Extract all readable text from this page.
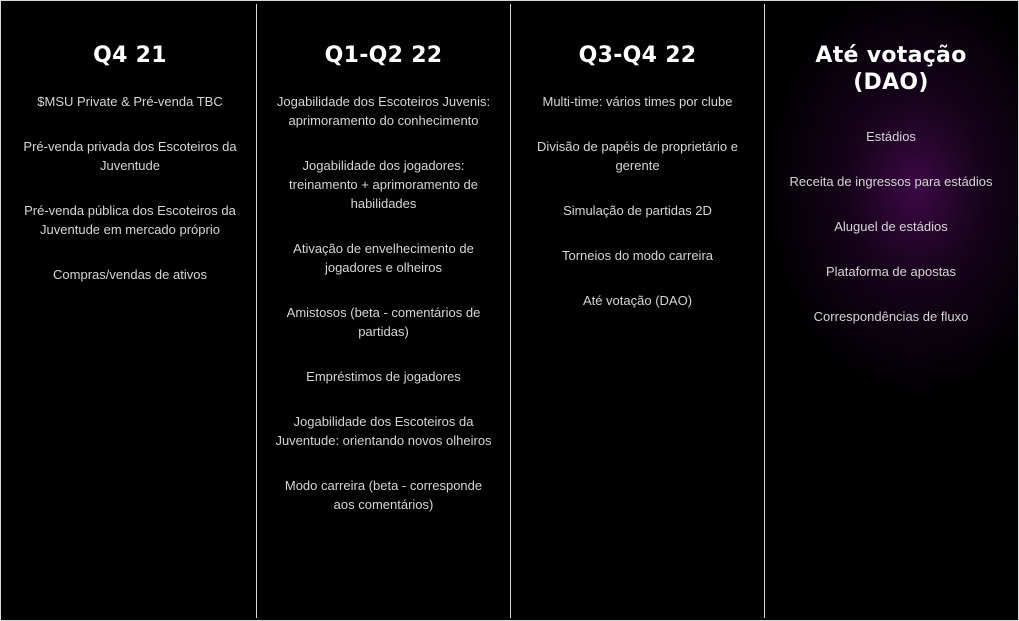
Q4 21
$MSU Private & Pré-venda TBC
Pré-venda privada dos Escoteiros da Juventude
Pré-venda pública dos Escoteiros da Juventude em mercado próprio
Compras/vendas de ativos
Q1-Q2 22
Jogabilidade dos Escoteiros Juvenis: aprimoramento do conhecimento
Jogabilidade dos jogadores: treinamento + aprimoramento de habilidades
Ativação de envelhecimento de jogadores e olheiros
Amistosos (beta - comentários de partidas)
Empréstimos de jogadores
Jogabilidade dos Escoteiros da Juventude: orientando novos olheiros
Modo carreira (beta - corresponde aos comentários)
Q3-Q4 22
Multi-time: vários times por clube
Divisão de papéis de proprietário e gerente
Simulação de partidas 2D
Torneios do modo carreira
Até votação (DAO)
Até votação (DAO)
Estádios
Receita de ingressos para estádios
Aluguel de estádios
Plataforma de apostas
Correspondências de fluxo
